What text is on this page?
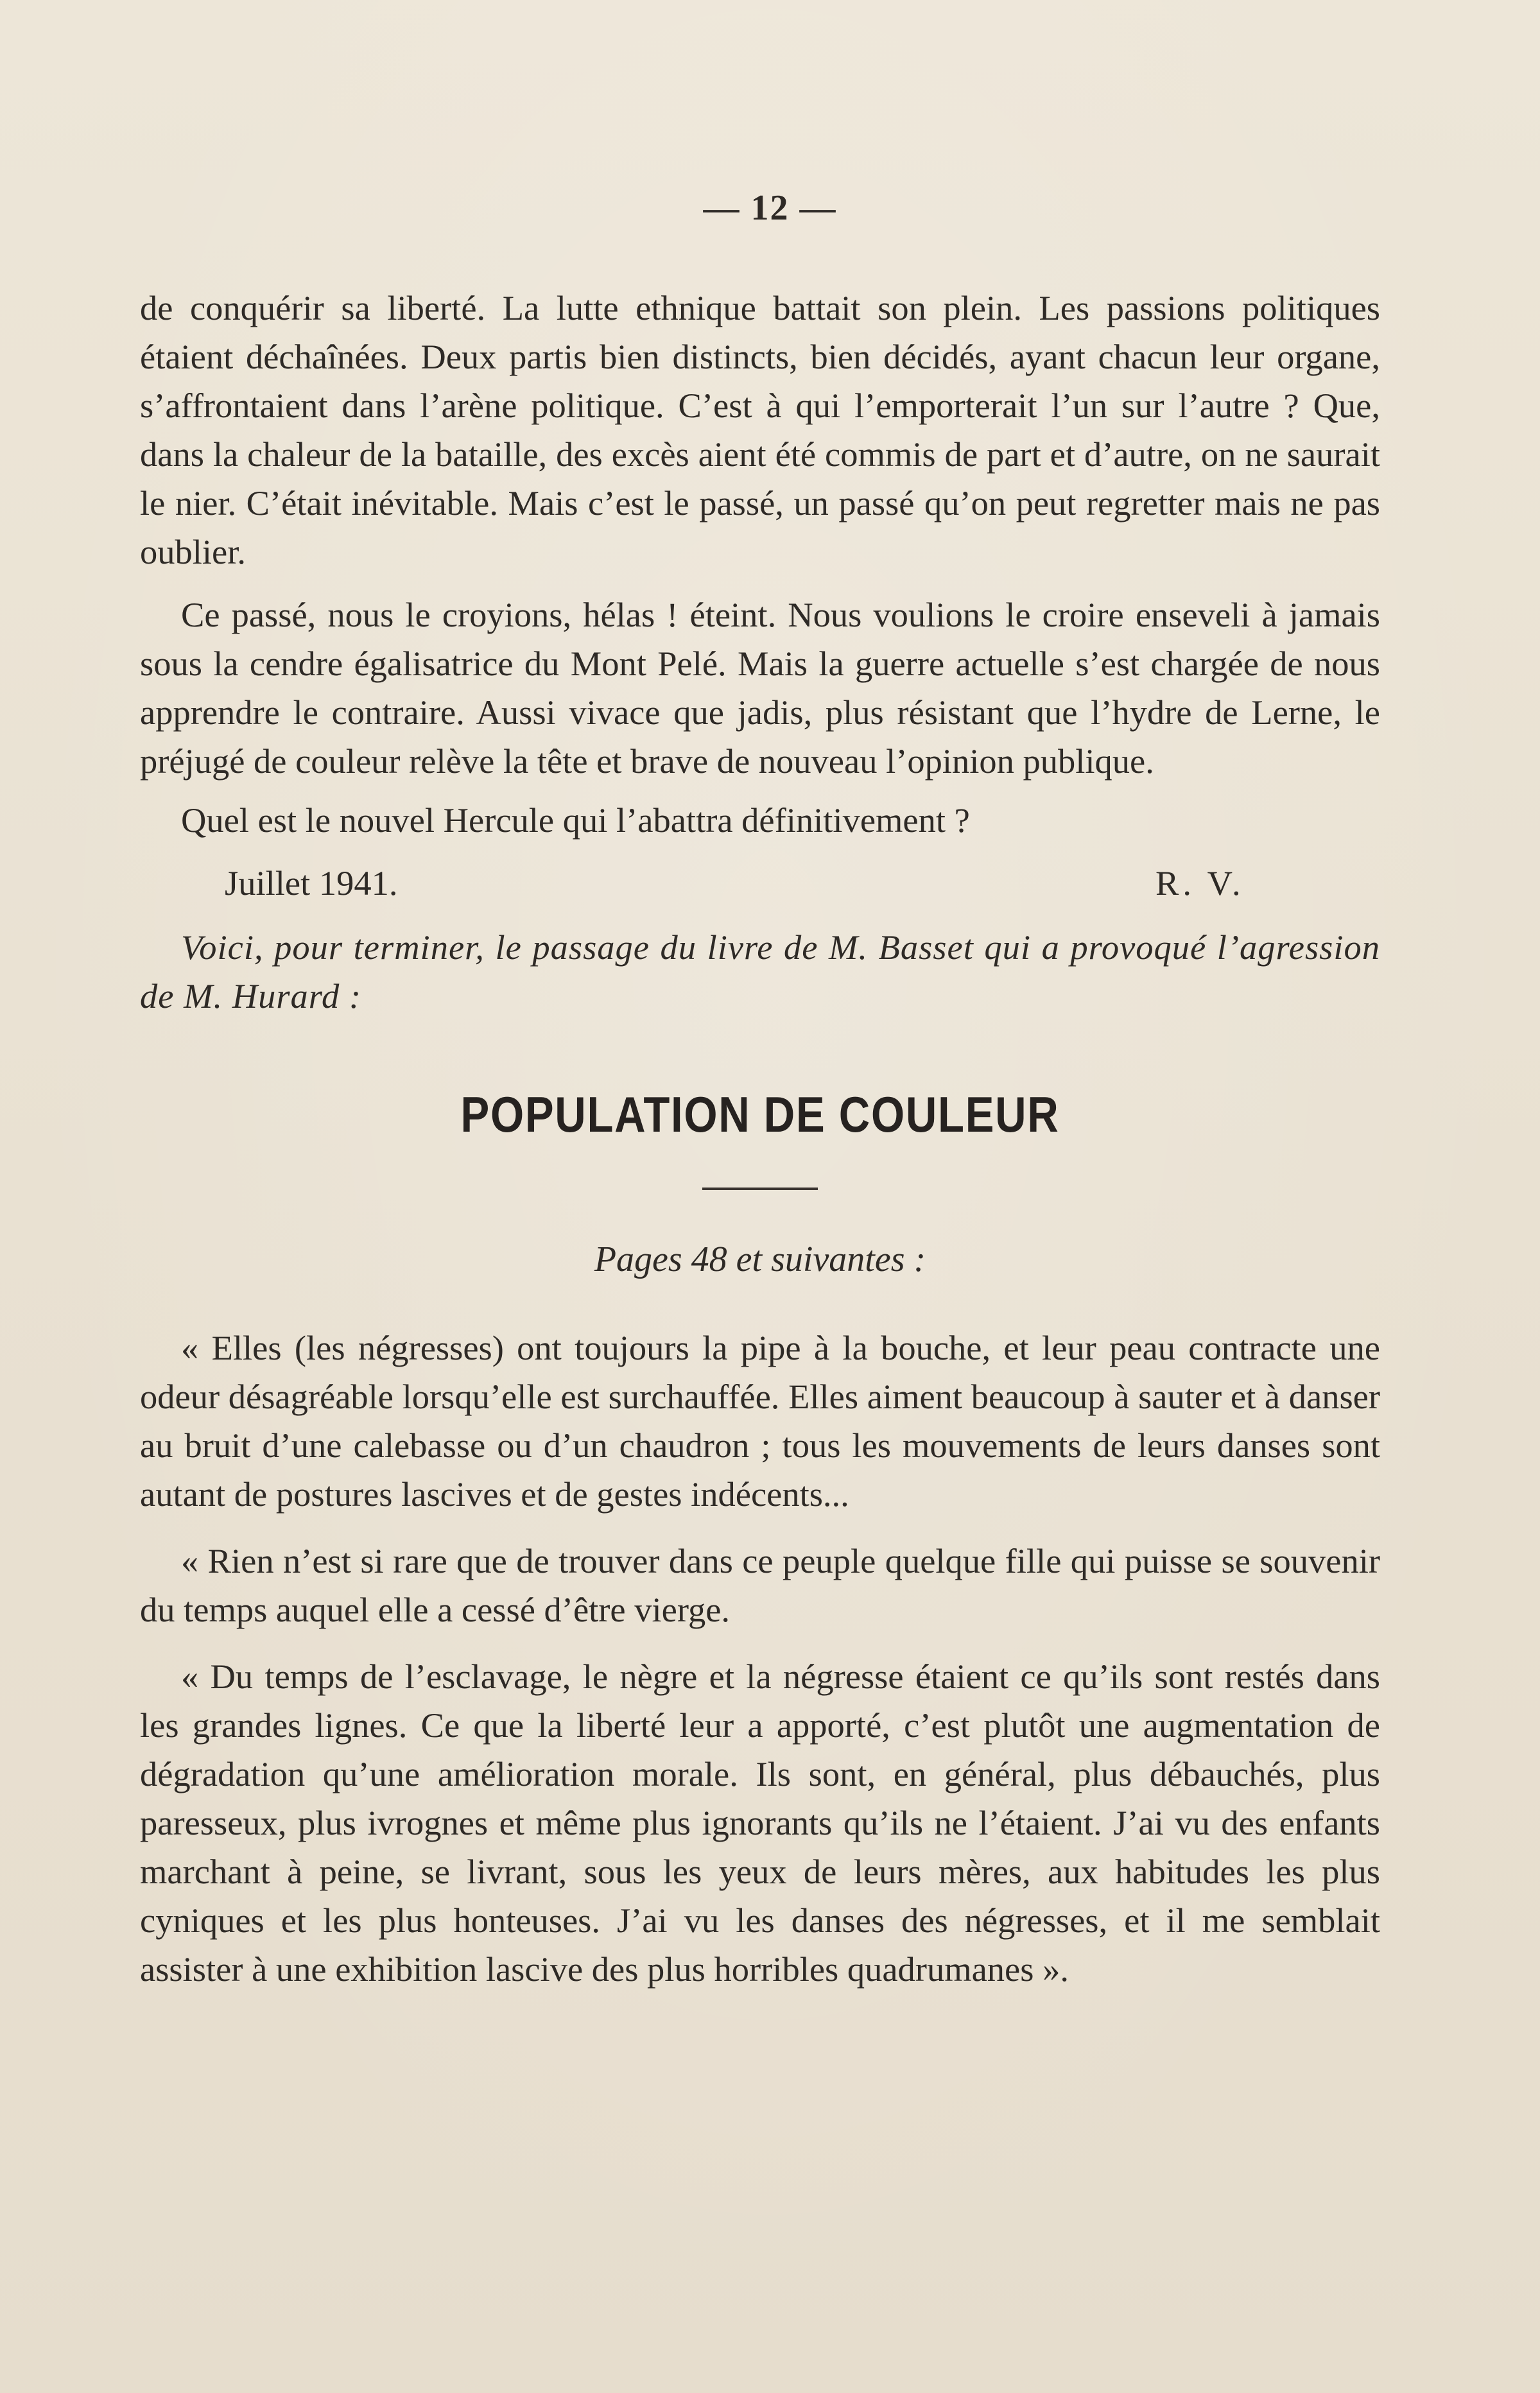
— 12 —

de conquérir sa liberté. La lutte ethnique battait son plein. Les passions politiques étaient déchaînées. Deux partis bien distincts, bien décidés, ayant chacun leur organe, s’affrontaient dans l’arène politique. C’est à qui l’emporterait l’un sur l’autre ? Que, dans la chaleur de la bataille, des excès aient été commis de part et d’autre, on ne saurait le nier. C’était inévitable. Mais c’est le passé, un passé qu’on peut regretter mais ne pas oublier.

Ce passé, nous le croyions, hélas ! éteint. Nous voulions le croire enseveli à jamais sous la cendre égalisatrice du Mont Pelé. Mais la guerre actuelle s’est chargée de nous apprendre le contraire. Aussi vivace que jadis, plus résistant que l’hydre de Lerne, le préjugé de couleur relève la tête et brave de nouveau l’opinion publique.

Quel est le nouvel Hercule qui l’abattra définitivement ?

Juillet 1941.	R. V.

Voici, pour terminer, le passage du livre de M. Basset qui a provoqué l’agression de M. Hurard :

POPULATION DE COULEUR
Pages 48 et suivantes :

« Elles (les négresses) ont toujours la pipe à la bouche, et leur peau contracte une odeur désagréable lorsqu’elle est surchauffée. Elles aiment beaucoup à sauter et à danser au bruit d’une calebasse ou d’un chaudron ; tous les mouvements de leurs danses sont autant de postures lascives et de gestes indécents...

« Rien n’est si rare que de trouver dans ce peuple quelque fille qui puisse se souvenir du temps auquel elle a cessé d’être vierge.

« Du temps de l’esclavage, le nègre et la négresse étaient ce qu’ils sont restés dans les grandes lignes. Ce que la liberté leur a apporté, c’est plutôt une augmentation de dégradation qu’une amélioration morale. Ils sont, en général, plus débauchés, plus paresseux, plus ivrognes et même plus ignorants qu’ils ne l’étaient. J’ai vu des enfants marchant à peine, se livrant, sous les yeux de leurs mères, aux habitudes les plus cyniques et les plus honteuses. J’ai vu les danses des négresses, et il me semblait assister à une exhibition lascive des plus horribles quadrumanes ».
